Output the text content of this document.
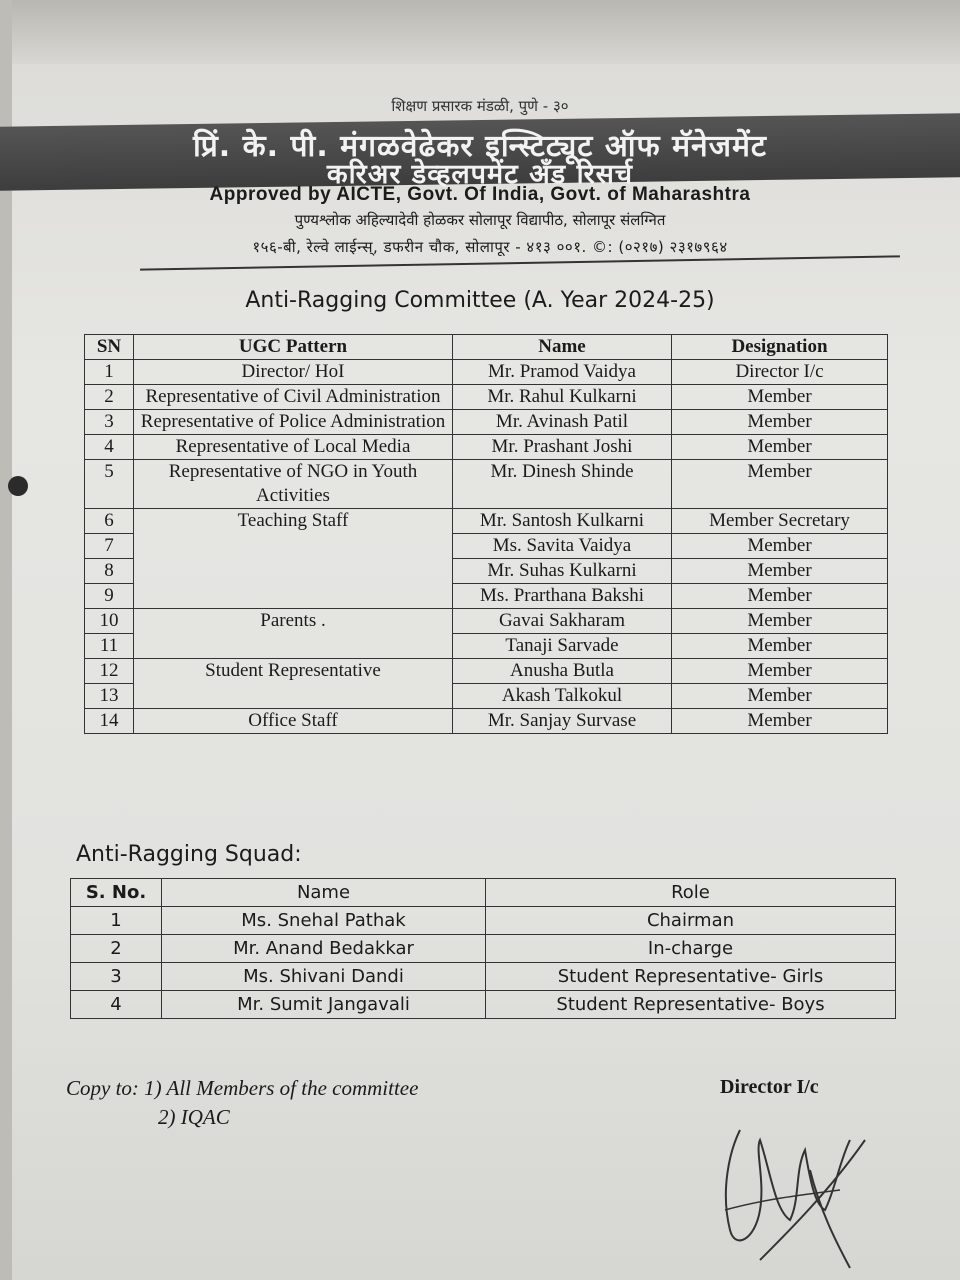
शिक्षण प्रसारक मंडळी, पुणे - ३०
प्रिं. के. पी. मंगळवेढेकर इन्स्टिट्यूट ऑफ मॅनेजमेंट
करिअर डेव्हलपमेंट अँड रिसर्च
Approved by AICTE, Govt. Of India, Govt. of Maharashtra
पुण्यश्लोक अहिल्यादेवी होळकर सोलापूर विद्यापीठ, सोलापूर संलग्नित
१५६-बी, रेल्वे लाईन्स्, डफरीन चौक, सोलापूर - ४१३ ००१. ©: (०२१७) २३१७९६४
Anti-Ragging Committee (A. Year 2024-25)
SN	UGC Pattern	Name	Designation
1	Director/ HoI	Mr. Pramod Vaidya	Director I/c
2	Representative of Civil Administration	Mr. Rahul Kulkarni	Member
3	Representative of Police Administration	Mr. Avinash Patil	Member
4	Representative of Local Media	Mr. Prashant Joshi	Member
5	Representative of NGO in Youth Activities	Mr. Dinesh Shinde	Member
6	Teaching Staff	Mr. Santosh Kulkarni	Member Secretary
7		Ms. Savita Vaidya	Member
8		Mr. Suhas Kulkarni	Member
9		Ms. Prarthana Bakshi	Member
10	Parents .	Gavai Sakharam	Member
11		Tanaji Sarvade	Member
12	Student Representative	Anusha Butla	Member
13		Akash Talkokul	Member
14	Office Staff	Mr. Sanjay Survase	Member
Anti-Ragging Squad:
S. No.	Name	Role
1	Ms. Snehal Pathak	Chairman
2	Mr. Anand Bedakkar	In-charge
3	Ms. Shivani Dandi	Student Representative- Girls
4	Mr. Sumit Jangavali	Student Representative- Boys
Copy to: 1) All Members of the committee
2) IQAC
Director I/c
